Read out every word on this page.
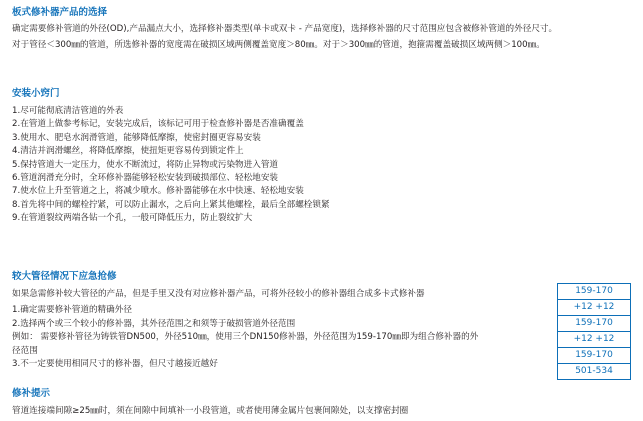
板式修补器产品的选择
确定需要修补管道的外径(OD),产品漏点大小，选择修补器类型(单卡或双卡 - 产品宽度)，选择修补器的尺寸范围应包含被修补管道的外径尺寸。
对于管径＜300㎜的管道，所选修补器的宽度需在破损区域两侧覆盖宽度＞80㎜。对于＞300㎜的管道，抱箍需覆盖破损区域两侧＞100㎜。
安装小窍门
1.尽可能彻底清洁管道的外表
2.在管道上做参考标记，安装完成后，该标记可用于检查修补器是否准确覆盖
3.使用水、肥皂水润滑管道，能够降低摩擦，使密封圈更容易安装
4.清洁并润滑螺丝，将降低摩擦，使扭矩更容易传到锁定件上
5.保持管道大一定压力，使水不断流过，将防止异物或污染物进入管道
6.管道润滑充分时，全环修补器能够轻松安装到破损部位、轻松地安装
7.使水位上升至管道之上，将减少喷水。修补器能够在水中快速、轻松地安装
8.首先将中间的螺栓拧紧，可以防止漏水，之后向上紧其他螺栓，最后全部螺栓锁紧
9.在管道裂纹两端各钻一个孔，一般可降低压力，防止裂纹扩大
较大管径情况下应急抢修
如果急需修补较大管径的产品，但是手里又没有对应修补器产品，可将外径较小的修补器组合成多卡式修补器
1.确定需要修补管道的精确外径
2.选择两个或三个较小的修补器，其外径范围之和须等于破损管道外径范围
例如： 需要修补管径为铸铁管DN500，外径510㎜，使用三个DN150修补器，外径范围为159-170㎜即为组合修补器的外径范围
3.不一定要使用相同尺寸的修补器，但尺寸越接近越好
159-170
+12 +12
159-170
+12 +12
159-170
501-534
修补提示
管道连接端间隙≥25㎜时，须在间隙中间填补一小段管道，或者使用薄金属片包裹间隙处，以支撑密封圈
